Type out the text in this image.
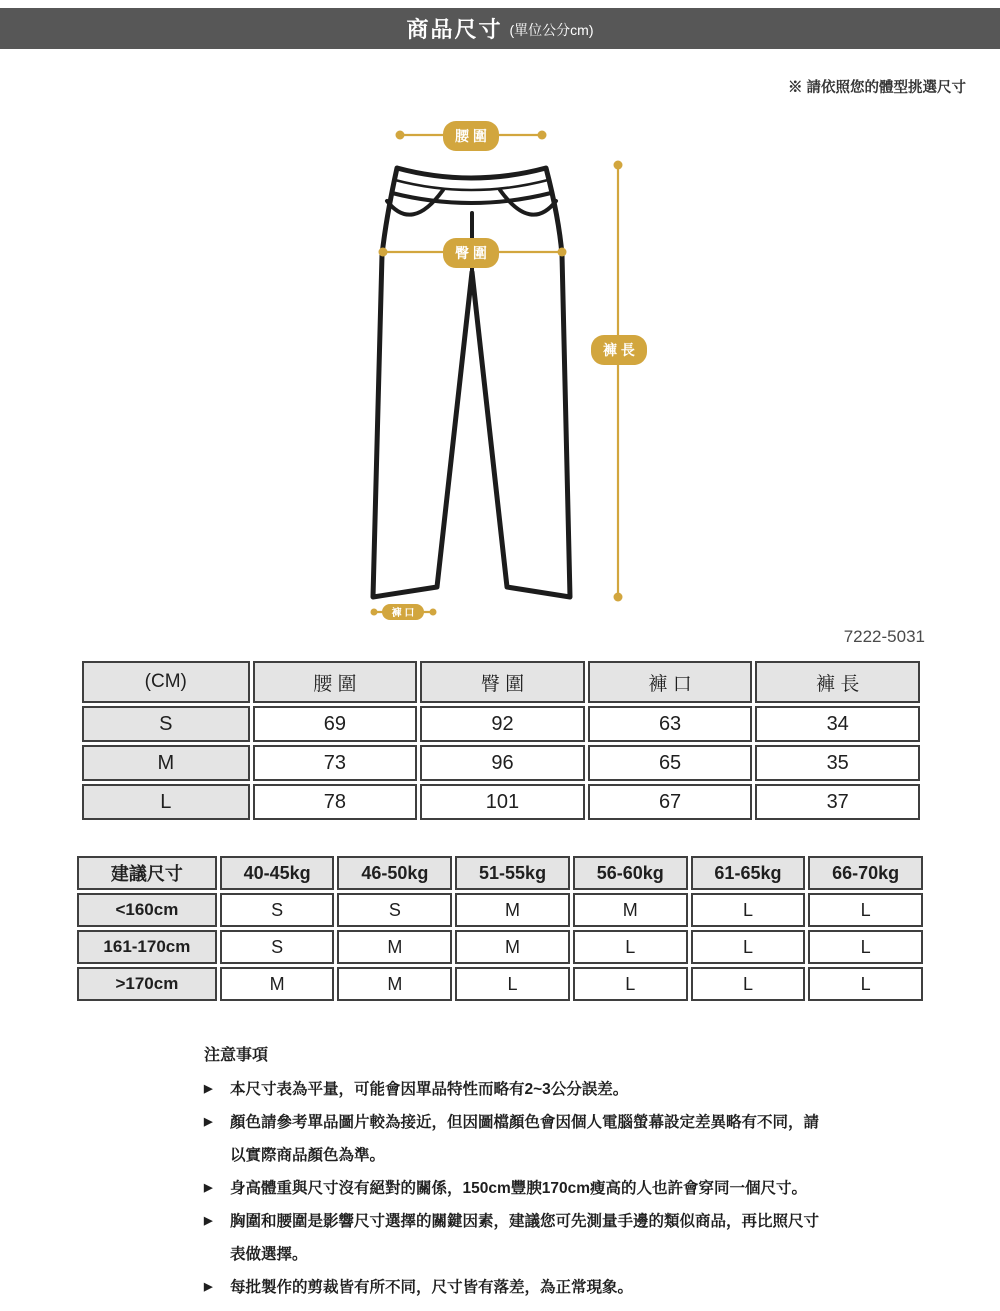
商品尺寸 (單位公分cm)
※ 請依照您的體型挑選尺寸
腰 圍
臀 圍
褲 口
褲 長
7222-5031
(CM)	腰 圍	臀 圍	褲 口	褲 長
S	69	92	63	34
M	73	96	65	35
L	78	101	67	37
建議尺寸	40-45kg	46-50kg	51-55kg	56-60kg	61-65kg	66-70kg
<160cm	S	S	M	M	L	L
161-170cm	S	M	M	L	L	L
>170cm	M	M	L	L	L	L
注意事項
▶	本尺寸表為平量，可能會因單品特性而略有2~3公分誤差。
▶	顏色請參考單品圖片較為接近，但因圖檔顏色會因個人電腦螢幕設定差異略有不同，請
以實際商品顏色為準。
▶	身高體重與尺寸沒有絕對的關係，150cm豐腴170cm瘦高的人也許會穿同一個尺寸。
▶	胸圍和腰圍是影響尺寸選擇的關鍵因素，建議您可先測量手邊的類似商品，再比照尺寸
表做選擇。
▶	每批製作的剪裁皆有所不同，尺寸皆有落差，為正常現象。
